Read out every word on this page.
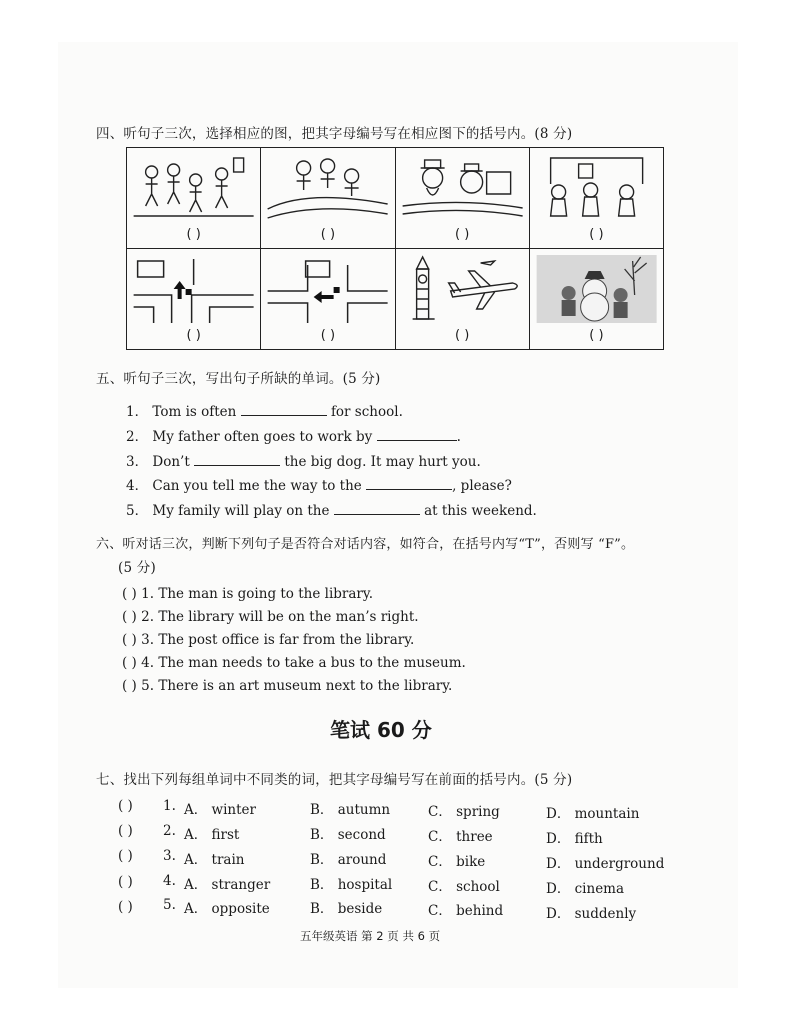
四、听句子三次，选择相应的图，把其字母编号写在相应图下的括号内。(8 分)
( )	( )	( )	( )

( )	( )	( )	( )
五、听句子三次，写出句子所缺的单词。(5 分)
1． Tom is often	for school.
2． My father often goes to work by	.
3． Don’t	the big dog. It may hurt you.
4． Can you tell me the way to the	, please?
5． My family will play on the	at this weekend.
六、听对话三次，判断下列句子是否符合对话内容，如符合，在括号内写“T”，否则写 “F”。
(5 分)
( ) 1. The man is going to the library.
( ) 2. The library will be on the man’s right.
( ) 3. The post office is far from the library.
( ) 4. The man needs to take a bus to the museum.
( ) 5. There is an art museum next to the library.
笔试 60 分
七、找出下列每组单词中不同类的词，把其字母编号写在前面的括号内。(5 分)
( ) 1. A． winter	B． autumn	C． spring	D． mountain
( ) 2. A． first	B． second	C． three	D． fifth
( ) 3. A． train	B． around	C． bike	D． underground
( ) 4. A． stranger	B． hospital	C． school	D． cinema
( ) 5. A． opposite	B． beside	C． behind	D． suddenly
五年级英语 第 2 页 共 6 页
